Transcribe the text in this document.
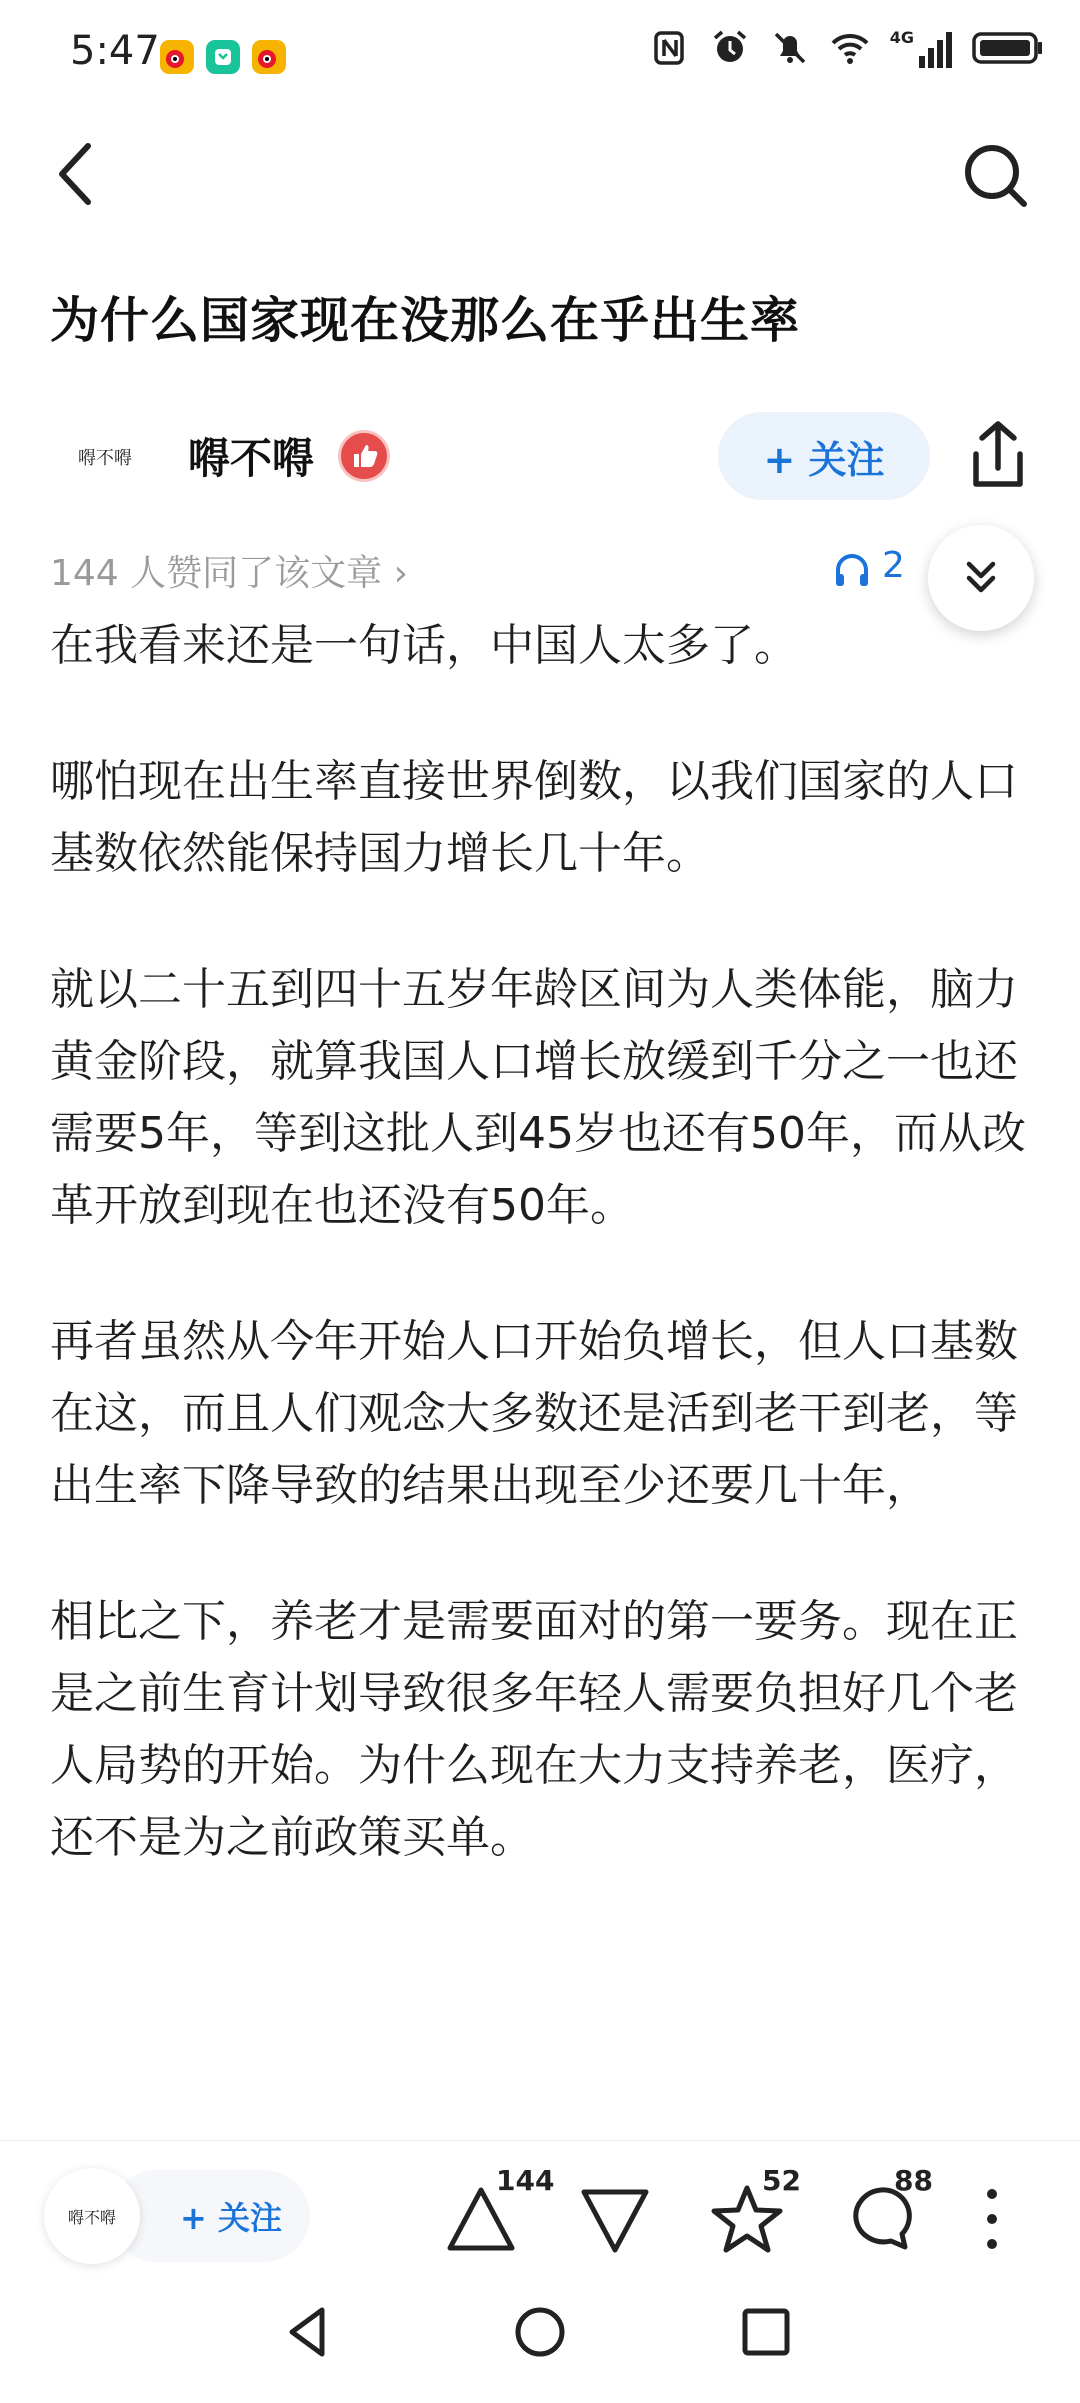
5:47	4G
为什么国家现在没那么在乎出生率
嘚不嘚	嘚不嘚	+ 关注
144 人赞同了该文章 ›	2

在我看来还是一句话，中国人太多了。

哪怕现在出生率直接世界倒数，以我们国家的人口基数依然能保持国力增长几十年。

就以二十五到四十五岁年龄区间为人类体能，脑力黄金阶段，就算我国人口增长放缓到千分之一也还需要5年，等到这批人到45岁也还有50年，而从改革开放到现在也还没有50年。

再者虽然从今年开始人口开始负增长，但人口基数在这，而且人们观念大多数还是活到老干到老，等出生率下降导致的结果出现至少还要几十年，

相比之下，养老才是需要面对的第一要务。现在正是之前生育计划导致很多年轻人需要负担好几个老人局势的开始。为什么现在大力支持养老，医疗，还不是为之前政策买单。

+ 关注
嘚不嘚
144	52	88
